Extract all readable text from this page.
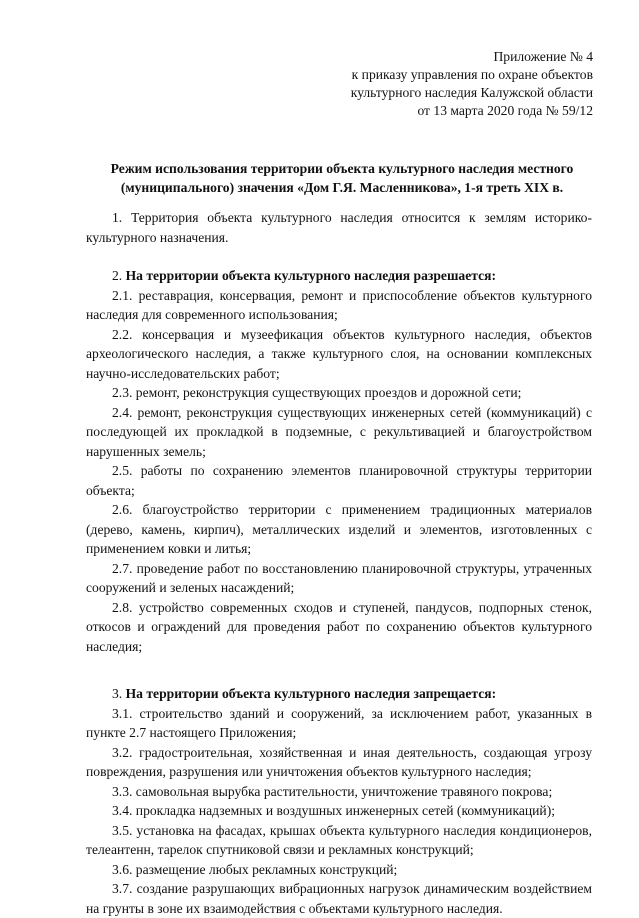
Приложение № 4
к приказу управления по охране объектов
культурного наследия Калужской области
от 13 марта 2020 года № 59/12
Режим использования территории объекта культурного наследия местного
(муниципального) значения «Дом Г.Я. Масленникова», 1-я треть XIX в.

1. Территория объекта культурного наследия относится к землям историко-культурного назначения.

2. На территории объекта культурного наследия разрешается:

2.1. реставрация, консервация, ремонт и приспособление объектов культурного наследия для современного использования;

2.2. консервация и музеефикация объектов культурного наследия, объектов археологического наследия, а также культурного слоя, на основании комплексных научно-исследовательских работ;

2.3. ремонт, реконструкция существующих проездов и дорожной сети;

2.4. ремонт, реконструкция существующих инженерных сетей (коммуникаций) с последующей их прокладкой в подземные, с рекультивацией и благоустройством нарушенных земель;

2.5. работы по сохранению элементов планировочной структуры территории объекта;

2.6. благоустройство территории с применением традиционных материалов (дерево, камень, кирпич), металлических изделий и элементов, изготовленных с применением ковки и литья;

2.7. проведение работ по восстановлению планировочной структуры, утраченных сооружений и зеленых насаждений;

2.8. устройство современных сходов и ступеней, пандусов, подпорных стенок, откосов и ограждений для проведения работ по сохранению объектов культурного наследия;

3. На территории объекта культурного наследия запрещается:

3.1. строительство зданий и сооружений, за исключением работ, указанных в пункте 2.7 настоящего Приложения;

3.2. градостроительная, хозяйственная и иная деятельность, создающая угрозу повреждения, разрушения или уничтожения объектов культурного наследия;

3.3. самовольная вырубка растительности, уничтожение травяного покрова;

3.4. прокладка надземных и воздушных инженерных сетей (коммуникаций);

3.5. установка на фасадах, крышах объекта культурного наследия кондиционеров, телеантенн, тарелок спутниковой связи и рекламных конструкций;

3.6. размещение любых рекламных конструкций;

3.7. создание разрушающих вибрационных нагрузок динамическим воздействием на грунты в зоне их взаимодействия с объектами культурного наследия.
